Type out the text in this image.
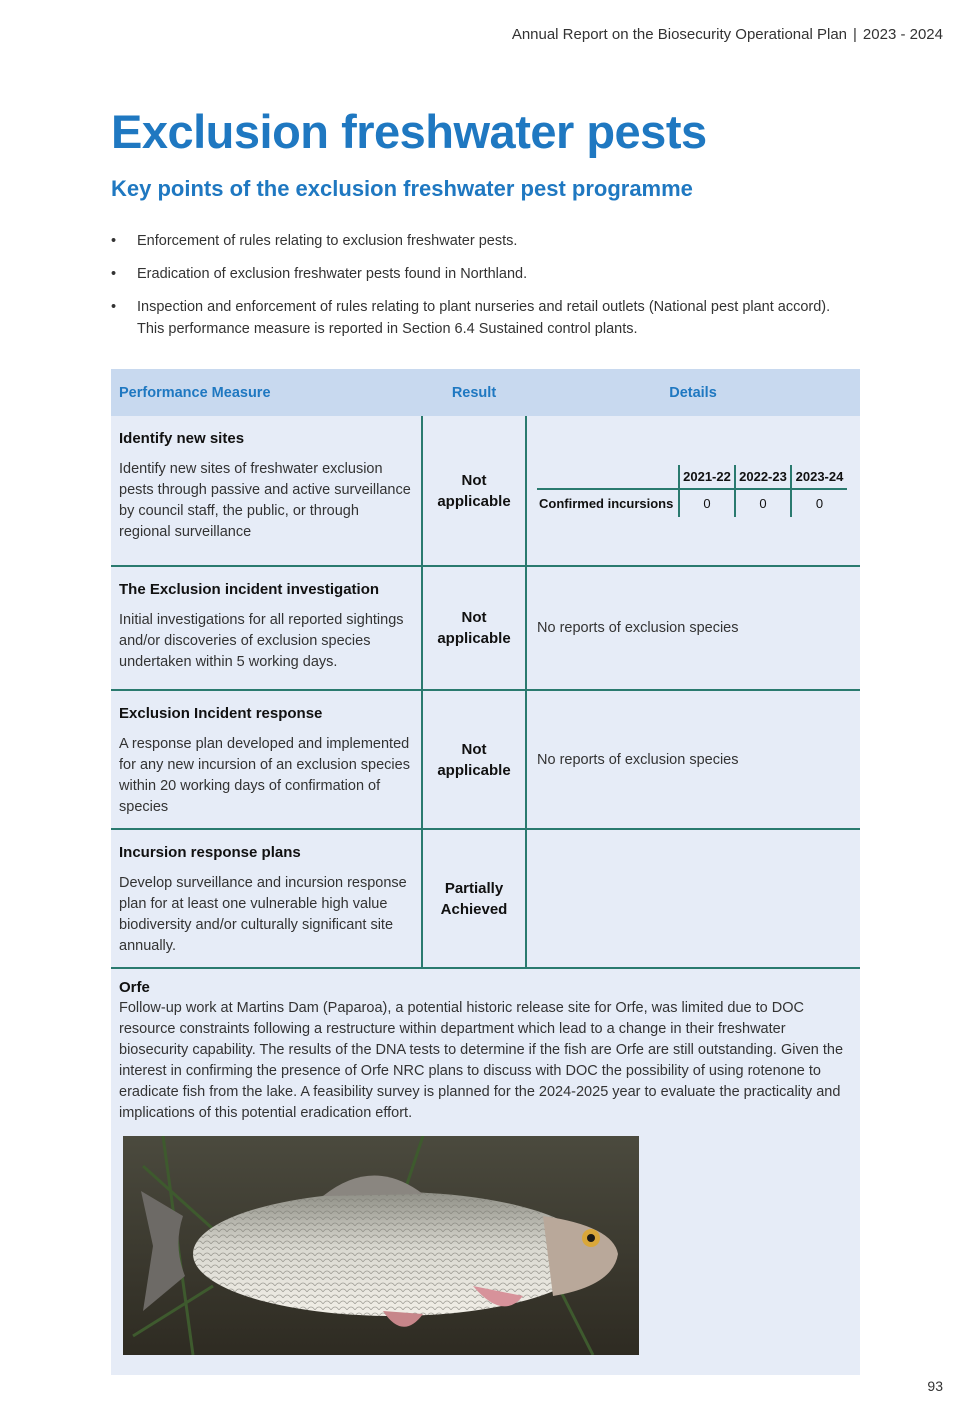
Annual Report on the Biosecurity Operational Plan | 2023 - 2024
Exclusion freshwater pests
Key points of the exclusion freshwater pest programme
• Enforcement of rules relating to exclusion freshwater pests.
• Eradication of exclusion freshwater pests found in Northland.
• Inspection and enforcement of rules relating to plant nurseries and retail outlets (National pest plant accord). This performance measure is reported in Section 6.4 Sustained control plants.
Performance Measure	Result	Details

Identify new sites
Identify new sites of freshwater exclusion pests through passive and active surveillance by council staff, the public, or through regional surveillance
	Not applicable	
	2021-22	2022-23	2023-24
Confirmed incursions	0	0	0

The Exclusion incident investigation
Initial investigations for all reported sightings and/or discoveries of exclusion species undertaken within 5 working days.
	Not applicable	No reports of exclusion species

Exclusion Incident response
A response plan developed and implemented for any new incursion of an exclusion species within 20 working days of confirmation of species
	Not applicable	No reports of exclusion species

Incursion response plans
Develop surveillance and incursion response plan for at least one vulnerable high value biodiversity and/or culturally significant site annually.
	Partially Achieved	
Orfe
Follow-up work at Martins Dam (Paparoa), a potential historic release site for Orfe, was limited due to DOC resource constraints following a restructure within department which lead to a change in their freshwater biosecurity capability. The results of the DNA tests to determine if the fish are Orfe are still outstanding. Given the interest in confirming the presence of Orfe NRC plans to discuss with DOC the possibility of using rotenone to eradicate fish from the lake. A feasibility survey is planned for the 2024-2025 year to evaluate the practicality and implications of this potential eradication effort.
93
